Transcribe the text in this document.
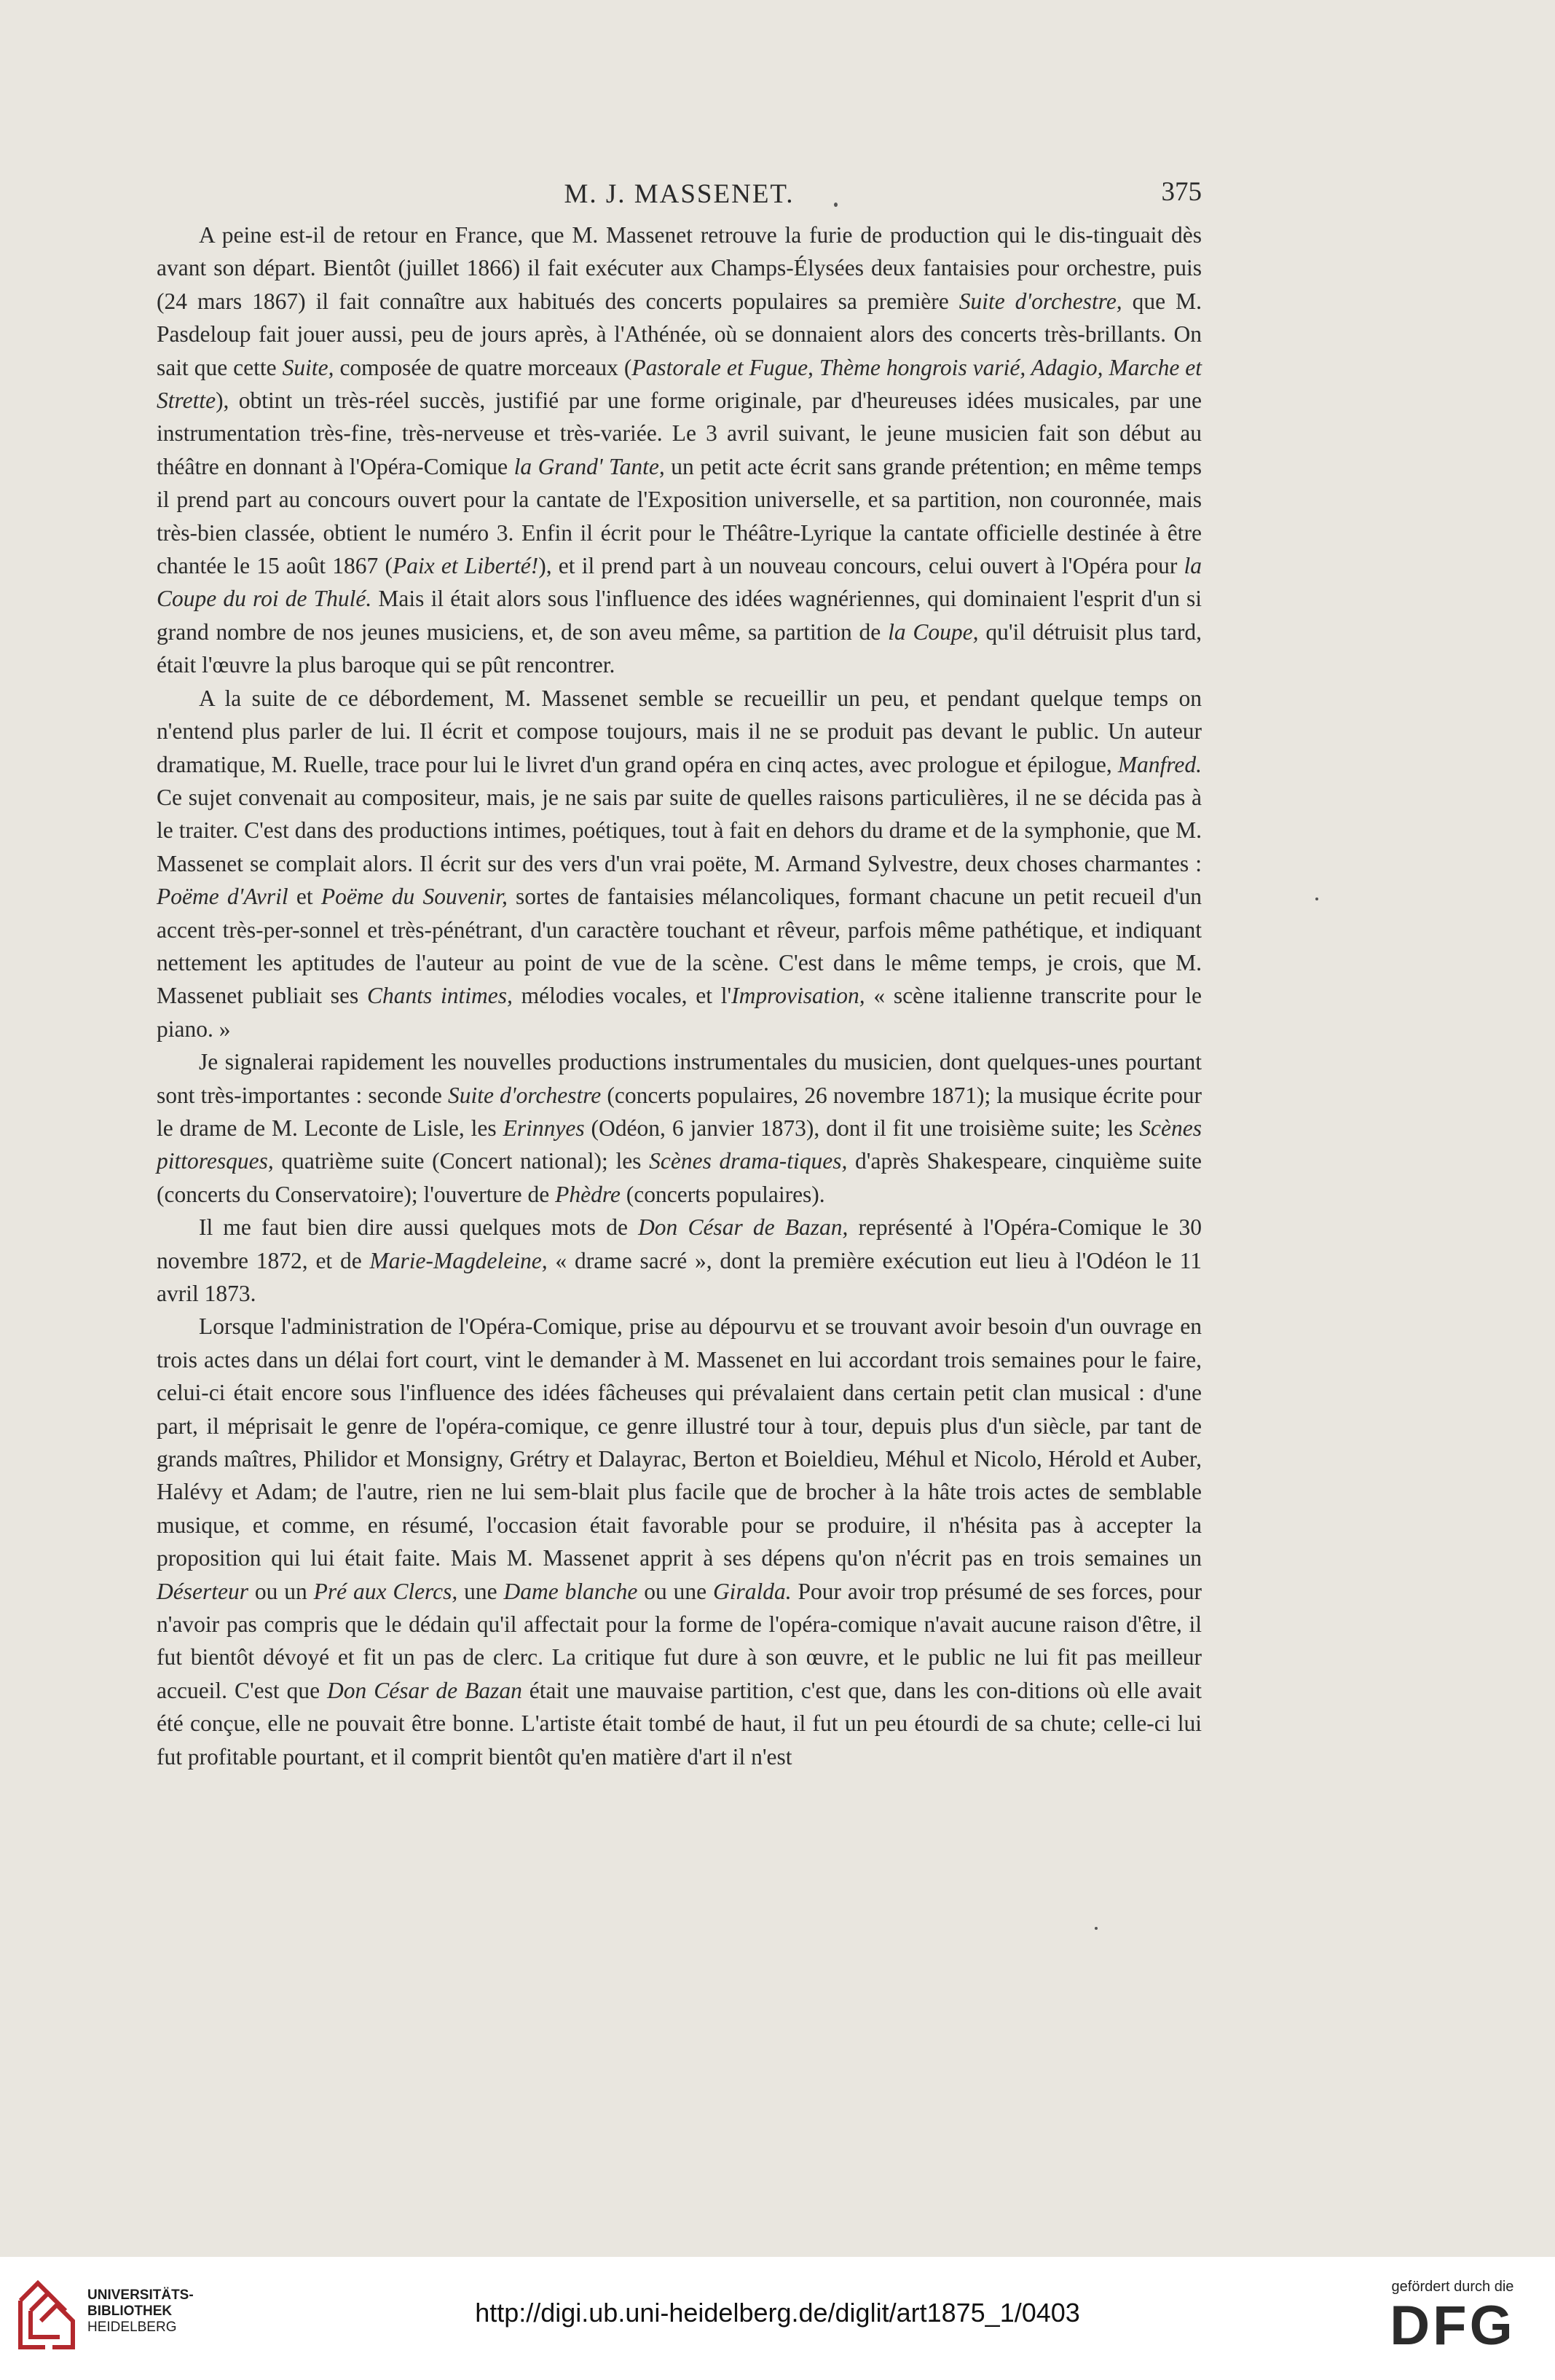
M. J. MASSENET.	375

A peine est-il de retour en France, que M. Massenet retrouve la furie de production qui le dis-tinguait dès avant son départ. Bientôt (juillet 1866) il fait exécuter aux Champs-Élysées deux fantaisies pour orchestre, puis (24 mars 1867) il fait connaître aux habitués des concerts populaires sa première Suite d'orchestre, que M. Pasdeloup fait jouer aussi, peu de jours après, à l'Athénée, où se donnaient alors des concerts très-brillants. On sait que cette Suite, composée de quatre morceaux (Pastorale et Fugue, Thème hongrois varié, Adagio, Marche et Strette), obtint un très-réel succès, justifié par une forme originale, par d'heureuses idées musicales, par une instrumentation très-fine, très-nerveuse et très-variée. Le 3 avril suivant, le jeune musicien fait son début au théâtre en donnant à l'Opéra-Comique la Grand' Tante, un petit acte écrit sans grande prétention; en même temps il prend part au concours ouvert pour la cantate de l'Exposition universelle, et sa partition, non couronnée, mais très-bien classée, obtient le numéro 3. Enfin il écrit pour le Théâtre-Lyrique la cantate officielle destinée à être chantée le 15 août 1867 (Paix et Liberté!), et il prend part à un nouveau concours, celui ouvert à l'Opéra pour la Coupe du roi de Thulé. Mais il était alors sous l'influence des idées wagnériennes, qui dominaient l'esprit d'un si grand nombre de nos jeunes musiciens, et, de son aveu même, sa partition de la Coupe, qu'il détruisit plus tard, était l'œuvre la plus baroque qui se pût rencontrer.

A la suite de ce débordement, M. Massenet semble se recueillir un peu, et pendant quelque temps on n'entend plus parler de lui. Il écrit et compose toujours, mais il ne se produit pas devant le public. Un auteur dramatique, M. Ruelle, trace pour lui le livret d'un grand opéra en cinq actes, avec prologue et épilogue, Manfred. Ce sujet convenait au compositeur, mais, je ne sais par suite de quelles raisons particulières, il ne se décida pas à le traiter. C'est dans des productions intimes, poétiques, tout à fait en dehors du drame et de la symphonie, que M. Massenet se complait alors. Il écrit sur des vers d'un vrai poëte, M. Armand Sylvestre, deux choses charmantes : Poëme d'Avril et Poëme du Souvenir, sortes de fantaisies mélancoliques, formant chacune un petit recueil d'un accent très-per-sonnel et très-pénétrant, d'un caractère touchant et rêveur, parfois même pathétique, et indiquant nettement les aptitudes de l'auteur au point de vue de la scène. C'est dans le même temps, je crois, que M. Massenet publiait ses Chants intimes, mélodies vocales, et l'Improvisation, « scène italienne transcrite pour le piano. »

Je signalerai rapidement les nouvelles productions instrumentales du musicien, dont quelques-unes pourtant sont très-importantes : seconde Suite d'orchestre (concerts populaires, 26 novembre 1871); la musique écrite pour le drame de M. Leconte de Lisle, les Erinnyes (Odéon, 6 janvier 1873), dont il fit une troisième suite; les Scènes pittoresques, quatrième suite (Concert national); les Scènes drama-tiques, d'après Shakespeare, cinquième suite (concerts du Conservatoire); l'ouverture de Phèdre (concerts populaires).

Il me faut bien dire aussi quelques mots de Don César de Bazan, représenté à l'Opéra-Comique le 30 novembre 1872, et de Marie-Magdeleine, « drame sacré », dont la première exécution eut lieu à l'Odéon le 11 avril 1873.

Lorsque l'administration de l'Opéra-Comique, prise au dépourvu et se trouvant avoir besoin d'un ouvrage en trois actes dans un délai fort court, vint le demander à M. Massenet en lui accordant trois semaines pour le faire, celui-ci était encore sous l'influence des idées fâcheuses qui prévalaient dans certain petit clan musical : d'une part, il méprisait le genre de l'opéra-comique, ce genre illustré tour à tour, depuis plus d'un siècle, par tant de grands maîtres, Philidor et Monsigny, Grétry et Dalayrac, Berton et Boieldieu, Méhul et Nicolo, Hérold et Auber, Halévy et Adam; de l'autre, rien ne lui sem-blait plus facile que de brocher à la hâte trois actes de semblable musique, et comme, en résumé, l'occasion était favorable pour se produire, il n'hésita pas à accepter la proposition qui lui était faite. Mais M. Massenet apprit à ses dépens qu'on n'écrit pas en trois semaines un Déserteur ou un Pré aux Clercs, une Dame blanche ou une Giralda. Pour avoir trop présumé de ses forces, pour n'avoir pas compris que le dédain qu'il affectait pour la forme de l'opéra-comique n'avait aucune raison d'être, il fut bientôt dévoyé et fit un pas de clerc. La critique fut dure à son œuvre, et le public ne lui fit pas meilleur accueil. C'est que Don César de Bazan était une mauvaise partition, c'est que, dans les con-ditions où elle avait été conçue, elle ne pouvait être bonne. L'artiste était tombé de haut, il fut un peu étourdi de sa chute; celle-ci lui fut profitable pourtant, et il comprit bientôt qu'en matière d'art il n'est

UNIVERSITÄTS-
BIBLIOTHEK
HEIDELBERG	http://digi.ub.uni-heidelberg.de/diglit/art1875_1/0403
gefördert durch die
DFG
